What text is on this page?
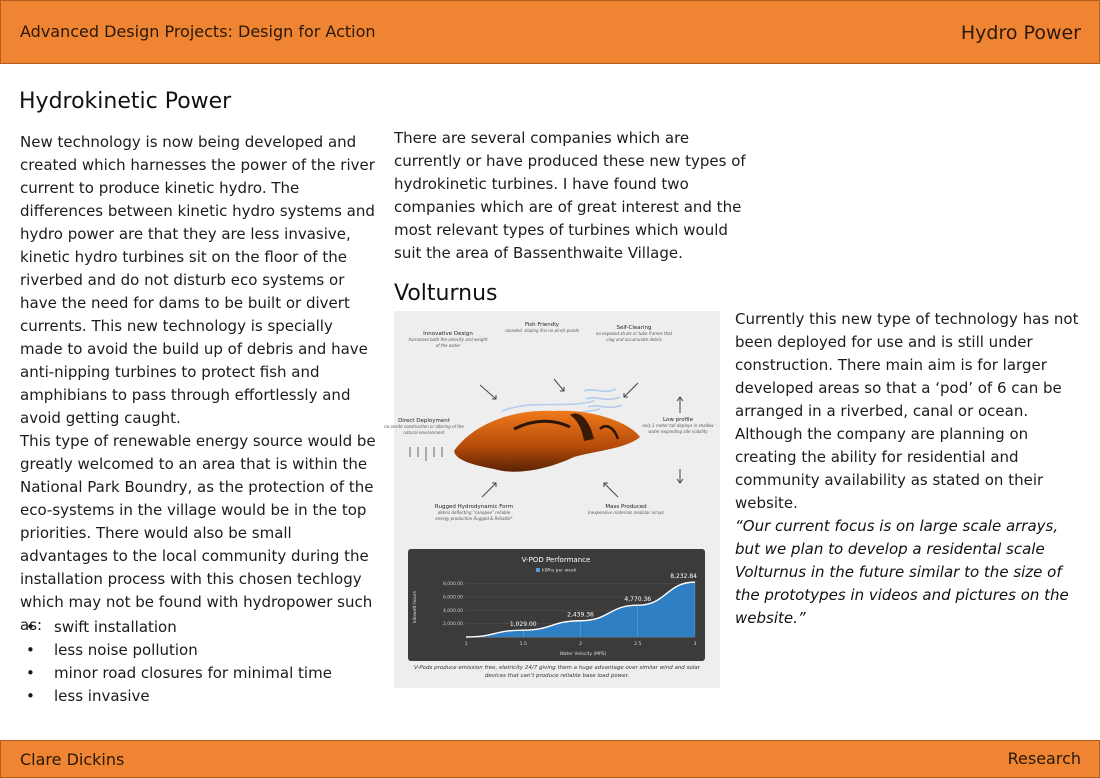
Advanced Design Projects: Design for Action	Hydro Power
Hydrokinetic Power
Volturnus

New technology is now being developed and created which harnesses the power of the river current to produce kinetic hydro. The differences between kinetic hydro systems and hydro power are that they are less invasive, kinetic hydro turbines sit on the floor of the riverbed and do not disturb eco systems or have the need for dams to be built or divert currents. This new technology is specially made to avoid the build up of debris and have anti-nipping turbines to protect fish and amphibians to pass through effortlessly and avoid getting caught.

This type of renewable energy source would be greatly welcomed to an area that is within the National Park Boundry, as the protection of the eco-systems in the village would be in the top priorities. There would also be small advantages to the local community during the installation process with this chosen techlogy which may not be found with hydropower such as:

• swift installation
• less noise pollution
• minor road closures for minimal time
• less invasive

There are several companies which are currently or have produced these new types of hydrokinetic turbines. I have found two companies which are of great interest and the most relevant types of turbines which would suit the area of Bassenthwaite Village.

Currently this new type of technology has not been deployed for use and is still under construction. There main aim is for larger developed areas so that a ‘pod’ of 6 can be arranged in a riverbed, canal or ocean. Although the company are planning on creating the ability for residential and community availability as stated on their website.

“Our current focus is on large scale arrays, but we plan to develop a residental scale Volturnus in the future similar to the size of the prototypes in videos and pictures on the website.”

Innovative Design
harnesses both the velocity and weight of the water
Fish Friendly
rounded, sloping fins no pinch points	Self-Clearing
no exposed struts or tube frames that clog and accumulate debris
Direct Deployment
no onsite construction or altering of the natural environment
Low profile
only 1 meter tall deploys in shallow water expanding site viability
Rugged Hydrodynamic Form
debris deflecting “canopee” reliable energy production Rugged & Reliable*
Mass Produced
Inexpensive materials modular arrays
V-POD Performance
kWhs per week
kilowatt hours
Water Velocity (MPS)
2,000.00
4,000.00
6,000.00
8,000.00
1	1.5	2	2.5	3
1,029.00
2,439.36
4,770.36
8,232.84

V-Pods produce emission free, eletricity 24/7 giving them a huge advantage over similar wind and solar devices that can’t produce reliable base load power.

Clare Dickins	Research
